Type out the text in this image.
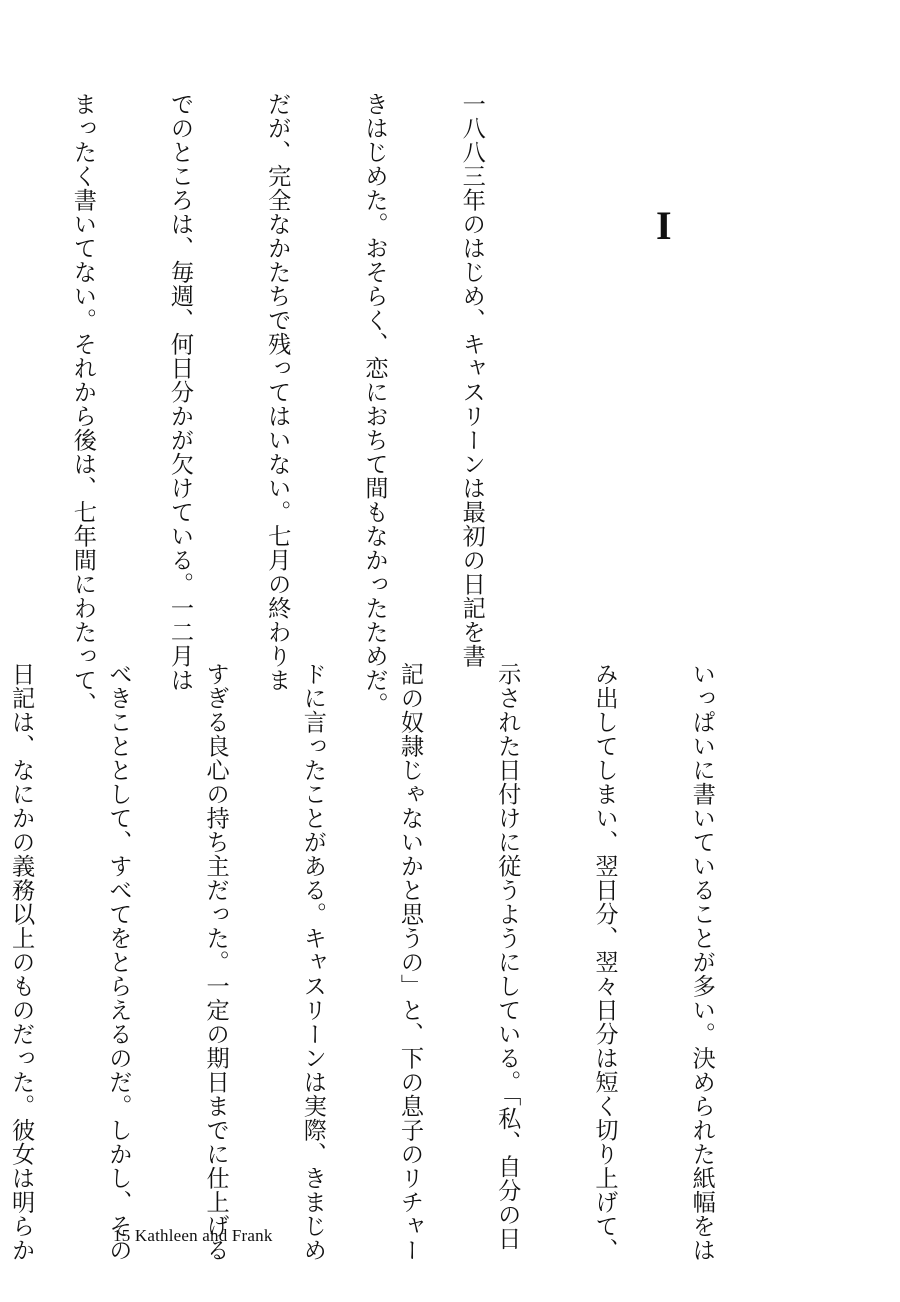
I

一八八三年のはじめ、キャスリーンは最初の日記を書

きはじめた。おそらく、恋におちて間もなかったためだ。

だが、完全なかたちで残ってはいない。七月の終わりま

でのところは、毎週、何日分かが欠けている。一二月は

まったく書いてない。それから後は、七年間にわたって、

いっぱいに書いていることが多い。決められた紙幅をは

み出してしまい、翌日分、翌々日分は短く切り上げて、

示された日付けに従うようにしている。「私、自分の日

記の奴隷じゃないかと思うの」と、下の息子のリチャー

ドに言ったことがある。キャスリーンは実際、きまじめ

すぎる良心の持ち主だった。一定の期日までに仕上げる

べきこととして、すべてをとらえるのだ。しかし、その

日記は、なにかの義務以上のものだった。彼女は明らか

	15 Kathleen and Frank
